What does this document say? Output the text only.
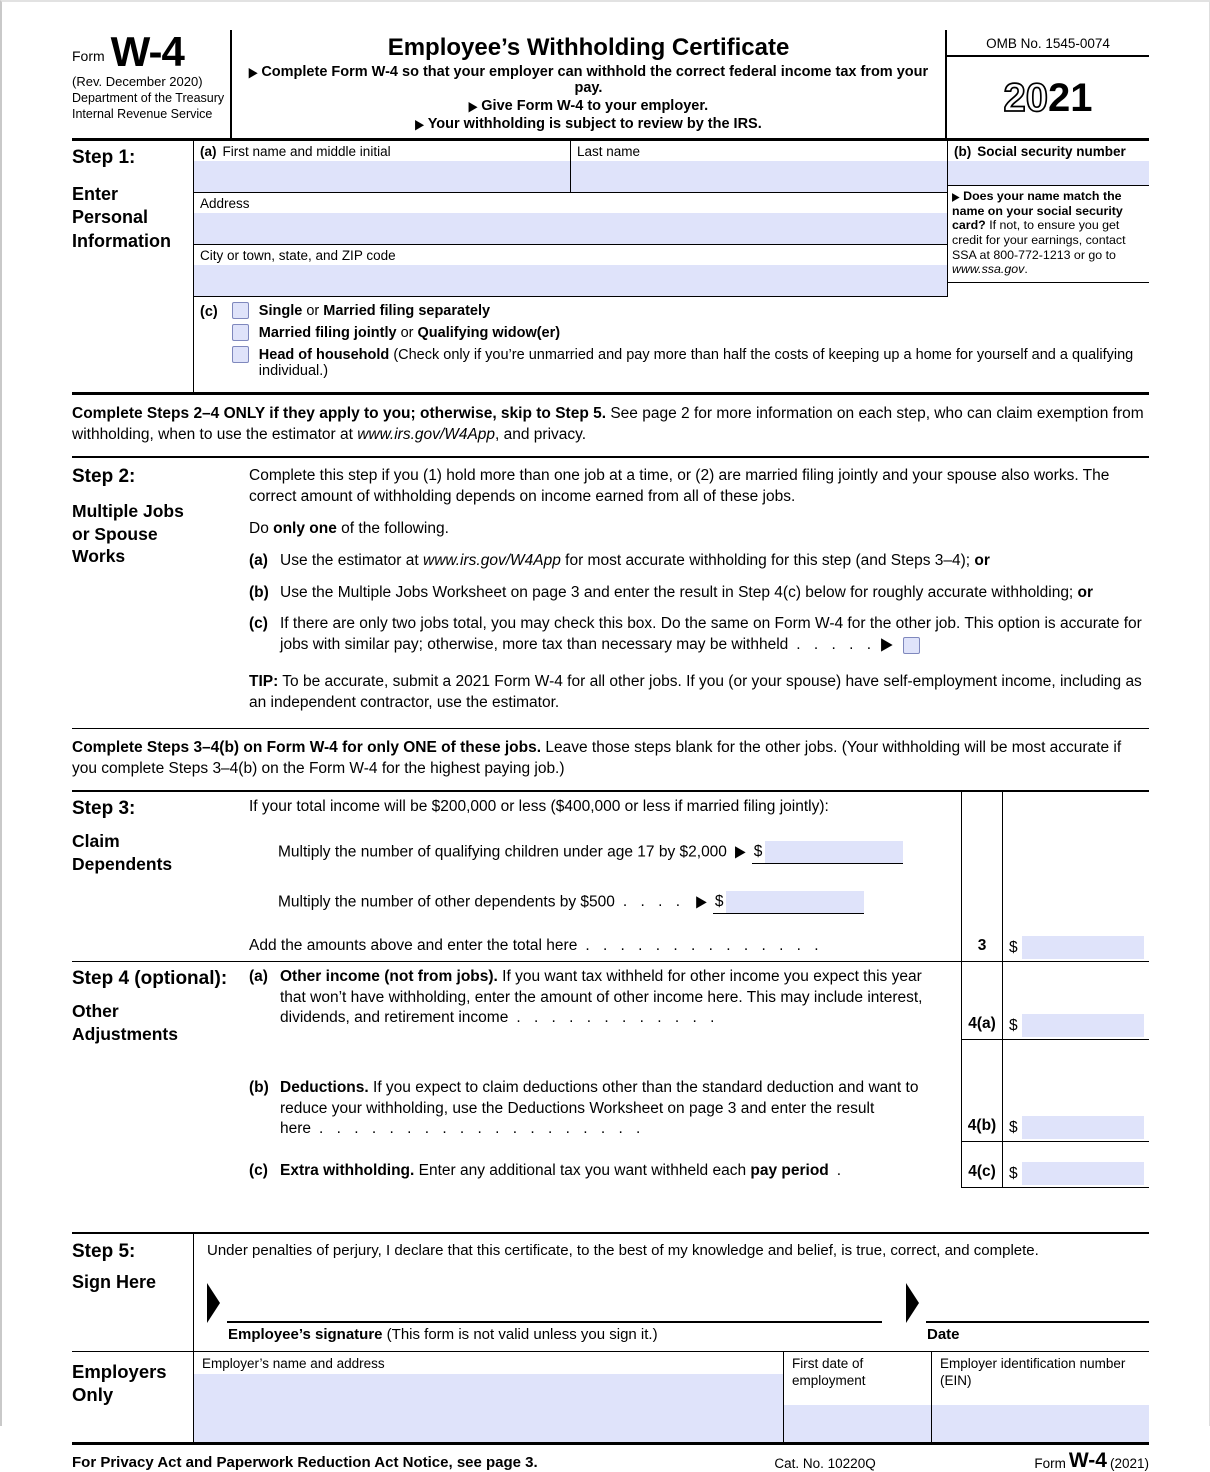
Form W-4
(Rev. December 2020)
Department of the Treasury
Internal Revenue Service
Employee’s Withholding Certificate
▶ Complete Form W-4 so that your employer can withhold the correct federal income tax from your pay.
▶ Give Form W-4 to your employer.
▶ Your withholding is subject to review by the IRS.
OMB No. 1545-0074
20 21
Step 1:
Enter Personal Information
(a) First name and middle initial	Last name
Address
City or town, state, and ZIP code
(b) Social security number
▶ Does your name match the name on your social security card? If not, to ensure you get credit for your earnings, contact SSA at 800-772-1213 or go to www.ssa.gov.
(c)	Single or Married filing separately
Married filing jointly or Qualifying widow(er)
Head of household (Check only if you’re unmarried and pay more than half the costs of keeping up a home for yourself and a qualifying individual.)
Complete Steps 2–4 ONLY if they apply to you; otherwise, skip to Step 5. See page 2 for more information on each step, who can claim exemption from withholding, when to use the estimator at www.irs.gov/W4App, and privacy.
Step 2:
Multiple Jobs or Spouse Works

Complete this step if you (1) hold more than one job at a time, or (2) are married filing jointly and your spouse also works. The correct amount of withholding depends on income earned from all of these jobs.

Do only one of the following.

(a) Use the estimator at www.irs.gov/W4App for most accurate withholding for this step (and Steps 3–4); or
(b) Use the Multiple Jobs Worksheet on page 3 and enter the result in Step 4(c) below for roughly accurate withholding; or
(c) If there are only two jobs total, you may check this box. Do the same on Form W-4 for the other job. This option is accurate for jobs with similar pay; otherwise, more tax than necessary may be withheld . . . . . ▶
TIP: To be accurate, submit a 2021 Form W-4 for all other jobs. If you (or your spouse) have self-employment income, including as an independent contractor, use the estimator.
Complete Steps 3–4(b) on Form W-4 for only ONE of these jobs. Leave those steps blank for the other jobs. (Your withholding will be most accurate if you complete Steps 3–4(b) on the Form W-4 for the highest paying job.)
Step 3:
Claim Dependents
If your total income will be $200,000 or less ($400,000 or less if married filing jointly):
Multiply the number of qualifying children under age 17 by $2,000 ▶ $
Multiply the number of other dependents by $500 . . . . ▶ $
Add the amounts above and enter the total here . . . . . . . . . . . . . .	3	$
Step 4 (optional):
Other Adjustments
(a) Other income (not from jobs). If you want tax withheld for other income you expect this year that won’t have withholding, enter the amount of other income here. This may include interest, dividends, and retirement income . . . . . . . . . . . .	4(a) $
(b) Deductions. If you expect to claim deductions other than the standard deduction and want to reduce your withholding, use the Deductions Worksheet on page 3 and enter the result here . . . . . . . . . . . . . . . . . . .	4(b) $
(c) Extra withholding. Enter any additional tax you want withheld each pay period .	4(c) $
Step 5:
Sign Here
Under penalties of perjury, I declare that this certificate, to the best of my knowledge and belief, is true, correct, and complete.
Employee’s signature (This form is not valid unless you sign it.)	Date
Employers Only
Employer’s name and address	First date of employment
Employer identification number (EIN)
For Privacy Act and Paperwork Reduction Act Notice, see page 3.	Cat. No. 10220Q	Form W-4 (2021)
